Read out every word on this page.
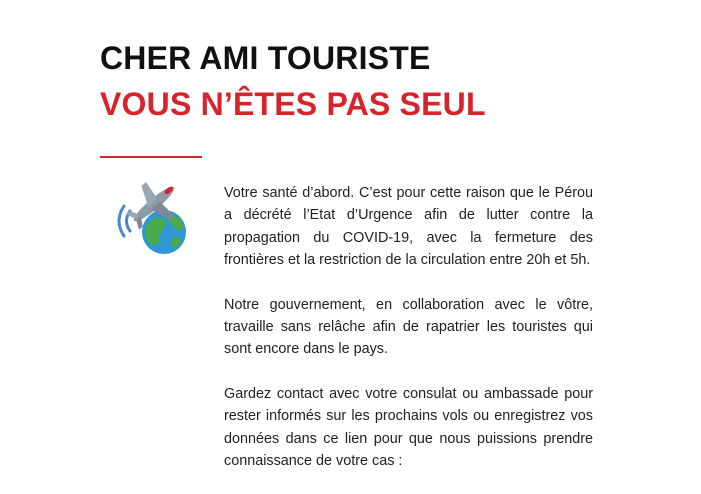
CHER AMI TOURISTE
VOUS N’ÊTES PAS SEUL

Votre santé d’abord. C’est pour cette raison que le Pérou a décrété l’Etat d’Urgence afin de lutter contre la propagation du COVID-19, avec la fermeture des frontières et la restriction de la circulation entre 20h et 5h.

Notre gouvernement, en collaboration avec le vôtre, travaille sans relâche afin de rapatrier les touristes qui sont encore dans le pays.

Gardez contact avec votre consulat ou ambassade pour rester informés sur les prochains vols ou enregistrez vos données dans ce lien pour que nous puissions prendre connaissance de votre cas :
